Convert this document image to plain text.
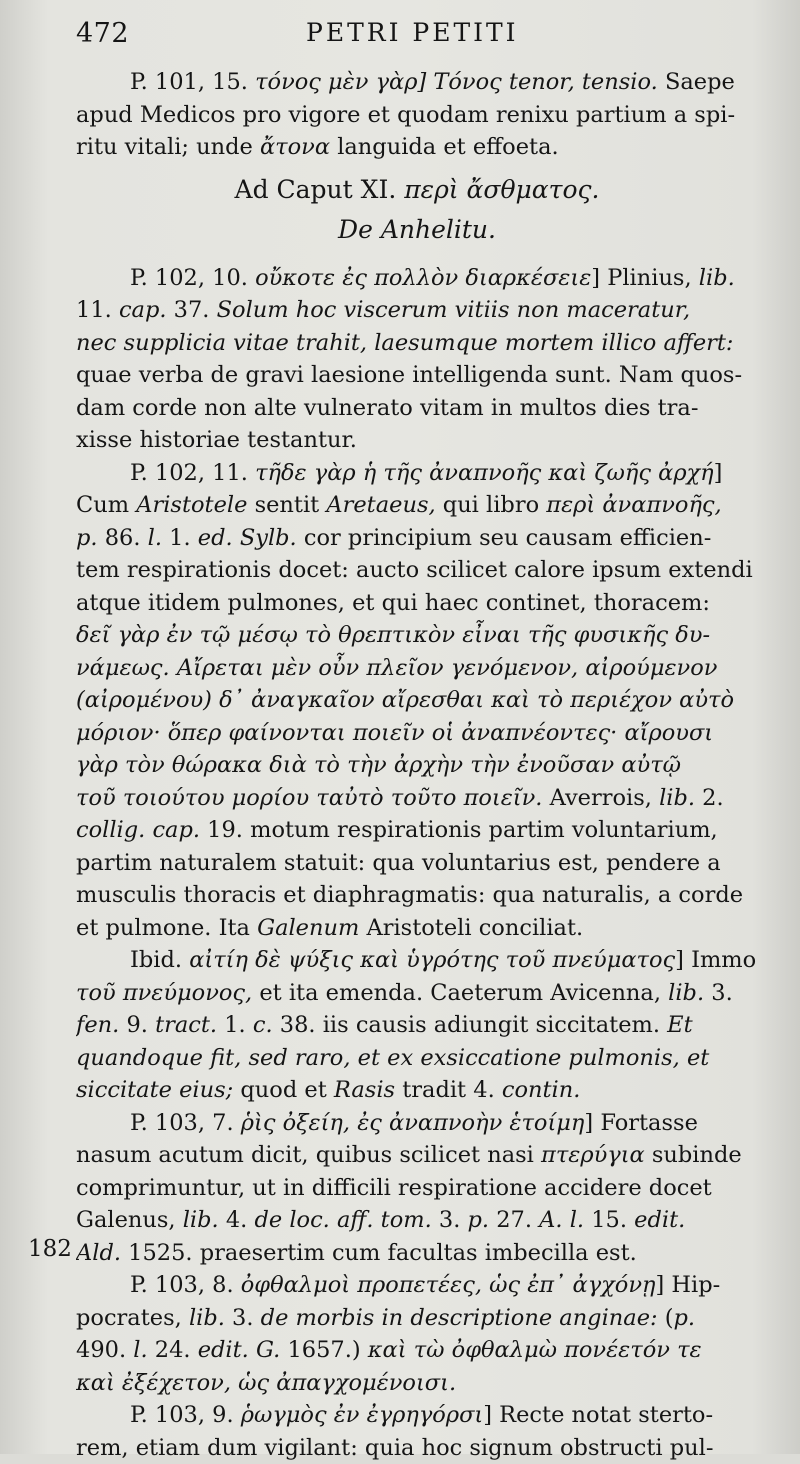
472	PETRI PETITI
182
P. 101, 15. τόνος μὲν γὰρ] Τόνος tenor, tensio. Saepe
apud Medicos pro vigore et quodam renixu partium a spi-
ritu vitali; unde ἄτονα languida et effoeta.
Ad Caput XI. περὶ ἄσθματος.
De Anhelitu.
P. 102, 10. οὔκοτε ἐς πολλὸν διαρκέσειε] Plinius, lib.
11. cap. 37. Solum hoc viscerum vitiis non maceratur,
nec supplicia vitae trahit, laesumque mortem illico affert:
quae verba de gravi laesione intelligenda sunt. Nam quos-
dam corde non alte vulnerato vitam in multos dies tra-
xisse historiae testantur.
P. 102, 11. τῆδε γὰρ ἡ τῆς ἀναπνοῆς καὶ ζωῆς ἀρχή]
Cum Aristotele sentit Aretaeus, qui libro περὶ ἀναπνοῆς,
p. 86. l. 1. ed. Sylb. cor principium seu causam efficien-
tem respirationis docet: aucto scilicet calore ipsum extendi
atque itidem pulmones, et qui haec continet, thoracem:
δεῖ γὰρ ἐν τῷ μέσῳ τὸ θρεπτικὸν εἶναι τῆς φυσικῆς δυ-
νάμεως. Αἴρεται μὲν οὖν πλεῖον γενόμενον, αἰρούμενον
(αἰρομένου) δ᾽ ἀναγκαῖον αἴρεσθαι καὶ τὸ περιέχον αὐτὸ
μόριον· ὅπερ φαίνονται ποιεῖν οἱ ἀναπνέοντες· αἴρουσι
γὰρ τὸν θώρακα διὰ τὸ τὴν ἀρχὴν τὴν ἐνοῦσαν αὐτῷ
τοῦ τοιούτου μορίου ταὐτὸ τοῦτο ποιεῖν. Averrois, lib. 2.
collig. cap. 19. motum respirationis partim voluntarium,
partim naturalem statuit: qua voluntarius est, pendere a
musculis thoracis et diaphragmatis: qua naturalis, a corde
et pulmone. Ita Galenum Aristoteli conciliat.
Ibid. αἰτίη δὲ ψύξις καὶ ὑγρότης τοῦ πνεύματος] Immo
τοῦ πνεύμονος, et ita emenda. Caeterum Avicenna, lib. 3.
fen. 9. tract. 1. c. 38. iis causis adiungit siccitatem. Et
quandoque fit, sed raro, et ex exsiccatione pulmonis, et
siccitate eius; quod et Rasis tradit 4. contin.
P. 103, 7. ῥὶς ὀξείη, ἐς ἀναπνοὴν ἑτοίμη] Fortasse
nasum acutum dicit, quibus scilicet nasi πτερύγια subinde
comprimuntur, ut in difficili respiratione accidere docet
Galenus, lib. 4. de loc. aff. tom. 3. p. 27. A. l. 15. edit.
Ald. 1525. praesertim cum facultas imbecilla est.
P. 103, 8. ὀφθαλμοὶ προπετέες, ὡς ἐπ᾽ ἀγχόνῃ] Hip-
pocrates, lib. 3. de morbis in descriptione anginae: (p.
490. l. 24. edit. G. 1657.) καὶ τὼ ὀφθαλμὼ πονέετόν τε
καὶ ἐξέχετον, ὡς ἀπαγχομένοισι.
P. 103, 9. ῥωγμὸς ἐν ἐγρηγόρσι] Recte notat sterto-
rem, etiam dum vigilant: quia hoc signum obstructi pul-
